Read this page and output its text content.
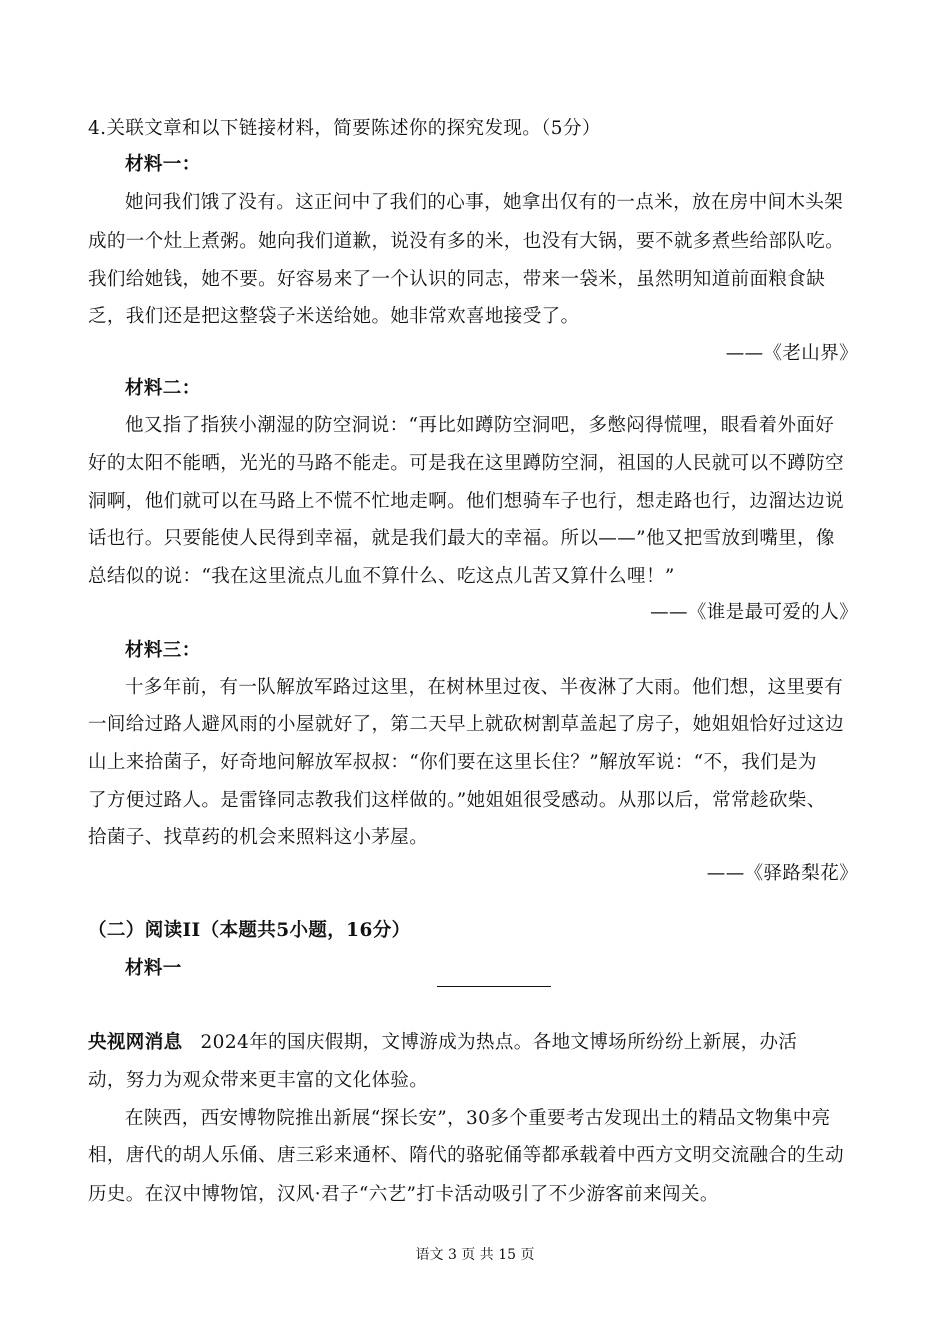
4.关联文章和以下链接材料，简要陈述你的探究发现。（5分）
材料一：
她问我们饿了没有。这正问中了我们的心事，她拿出仅有的一点米，放在房中间木头架
成的一个灶上煮粥。她向我们道歉，说没有多的米，也没有大锅，要不就多煮些给部队吃。
我们给她钱，她不要。好容易来了一个认识的同志，带来一袋米，虽然明知道前面粮食缺
乏，我们还是把这整袋子米送给她。她非常欢喜地接受了。
——《老山界》
材料二：
他又指了指狭小潮湿的防空洞说：“再比如蹲防空洞吧，多憋闷得慌哩，眼看着外面好
好的太阳不能晒，光光的马路不能走。可是我在这里蹲防空洞，祖国的人民就可以不蹲防空
洞啊，他们就可以在马路上不慌不忙地走啊。他们想骑车子也行，想走路也行，边溜达边说
话也行。只要能使人民得到幸福，就是我们最大的幸福。所以——”他又把雪放到嘴里，像
总结似的说：“我在这里流点儿血不算什么、吃这点儿苦又算什么哩！”
——《谁是最可爱的人》
材料三：
十多年前，有一队解放军路过这里，在树林里过夜、半夜淋了大雨。他们想，这里要有
一间给过路人避风雨的小屋就好了，第二天早上就砍树割草盖起了房子，她姐姐恰好过这边
山上来拾菌子，好奇地问解放军叔叔：“你们要在这里长住？”解放军说：“不，我们是为
了方便过路人。是雷锋同志教我们这样做的。”她姐姐很受感动。从那以后，常常趁砍柴、
拾菌子、找草药的机会来照料这小茅屋。
——《驿路梨花》
（二）阅读II（本题共5小题，16分）
材料一
央视网消息 2024年的国庆假期，文博游成为热点。各地文博场所纷纷上新展，办活
动，努力为观众带来更丰富的文化体验。
在陕西，西安博物院推出新展“探长安”，30多个重要考古发现出土的精品文物集中亮
相，唐代的胡人乐俑、唐三彩来通杯、隋代的骆驼俑等都承载着中西方文明交流融合的生动
历史。在汉中博物馆，汉风·君子“六艺”打卡活动吸引了不少游客前来闯关。
语文 3 页 共 15 页
